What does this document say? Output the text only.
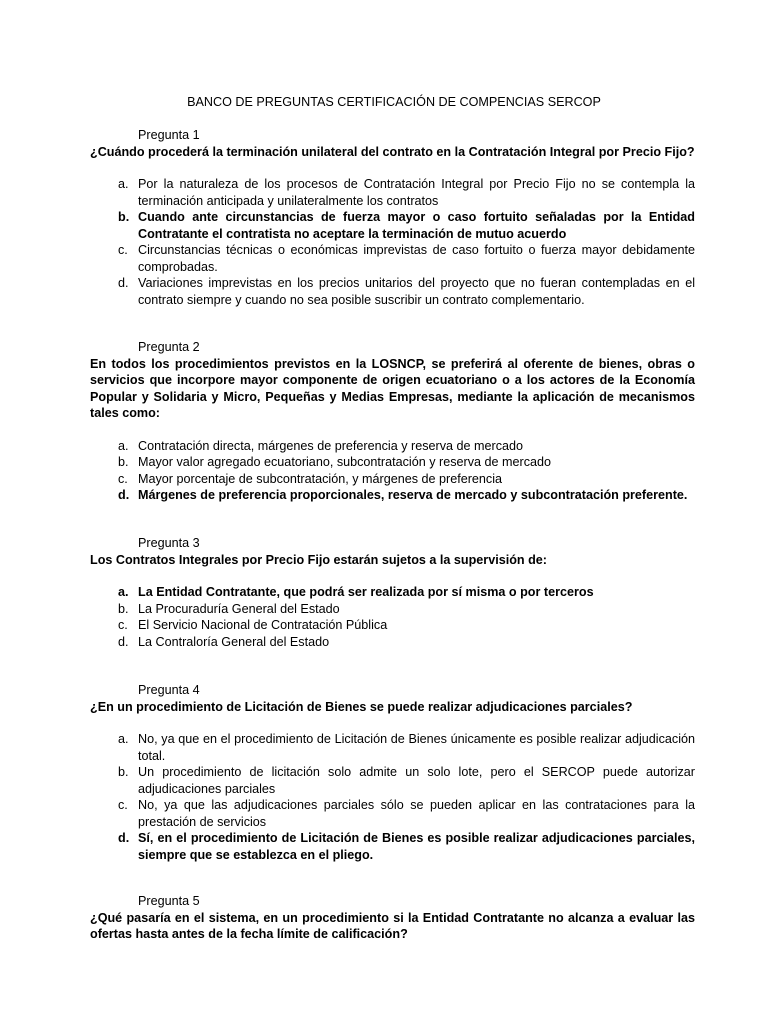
BANCO DE PREGUNTAS CERTIFICACIÓN DE COMPENCIAS SERCOP
Pregunta 1
¿Cuándo procederá la terminación unilateral del contrato en la Contratación Integral por Precio Fijo?
a. Por la naturaleza de los procesos de Contratación Integral por Precio Fijo no se contempla la terminación anticipada y unilateralmente los contratos
b. Cuando ante circunstancias de fuerza mayor o caso fortuito señaladas por la Entidad Contratante el contratista no aceptare la terminación de mutuo acuerdo
c. Circunstancias técnicas o económicas imprevistas de caso fortuito o fuerza mayor debidamente comprobadas.
d. Variaciones imprevistas en los precios unitarios del proyecto que no fueran contempladas en el contrato siempre y cuando no sea posible suscribir un contrato complementario.
Pregunta 2
En todos los procedimientos previstos en la LOSNCP, se preferirá al oferente de bienes, obras o servicios que incorpore mayor componente de origen ecuatoriano o a los actores de la Economía Popular y Solidaria y Micro, Pequeñas y Medias Empresas, mediante la aplicación de mecanismos tales como:
a. Contratación directa, márgenes de preferencia y reserva de mercado
b. Mayor valor agregado ecuatoriano, subcontratación y reserva de mercado
c. Mayor porcentaje de subcontratación, y márgenes de preferencia
d. Márgenes de preferencia proporcionales, reserva de mercado y subcontratación preferente.
Pregunta 3
Los Contratos Integrales por Precio Fijo estarán sujetos a la supervisión de:
a. La Entidad Contratante, que podrá ser realizada por sí misma o por terceros
b. La Procuraduría General del Estado
c. El Servicio Nacional de Contratación Pública
d. La Contraloría General del Estado
Pregunta 4
¿En un procedimiento de Licitación de Bienes se puede realizar adjudicaciones parciales?
a. No, ya que en el procedimiento de Licitación de Bienes únicamente es posible realizar adjudicación total.
b. Un procedimiento de licitación solo admite un solo lote, pero el SERCOP puede autorizar adjudicaciones parciales
c. No, ya que las adjudicaciones parciales sólo se pueden aplicar en las contrataciones para la prestación de servicios
d. Sí, en el procedimiento de Licitación de Bienes es posible realizar adjudicaciones parciales, siempre que se establezca en el pliego.
Pregunta 5
¿Qué pasaría en el sistema, en un procedimiento si la Entidad Contratante no alcanza a evaluar las ofertas hasta antes de la fecha límite de calificación?
